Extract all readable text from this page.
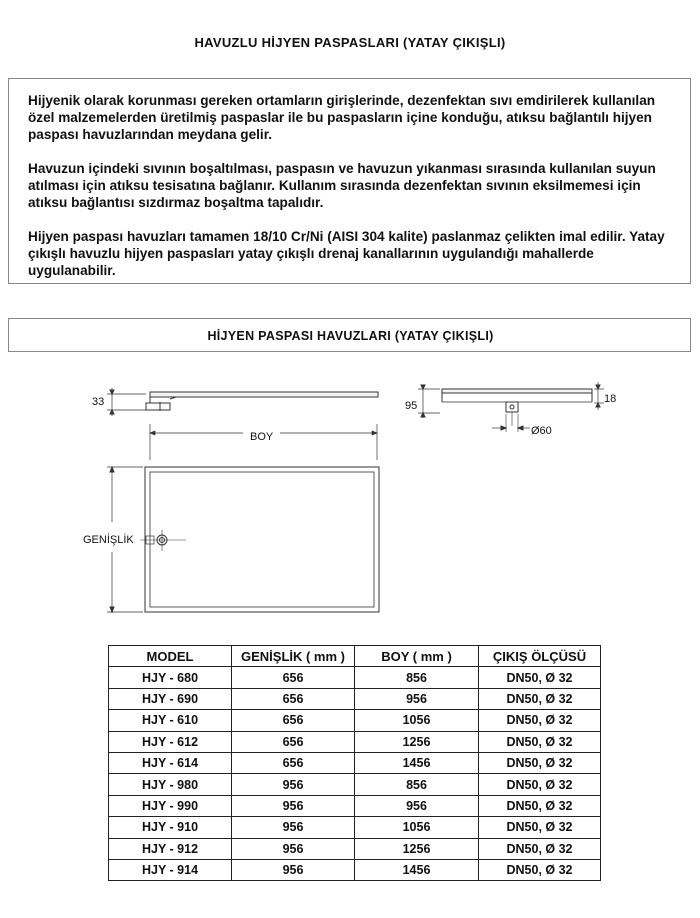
HAVUZLU HİJYEN PASPASLARI (YATAY ÇIKIŞLI)

Hijyenik olarak korunması gereken ortamların girişlerinde, dezenfektan sıvı emdirilerek kullanılan özel malzemelerden üretilmiş paspaslar ile bu paspasların içine konduğu, atıksu bağlantılı hijyen paspası havuzlarından meydana gelir.

Havuzun içindeki sıvının boşaltılması, paspasın ve havuzun yıkanması sırasında kullanılan suyun atılması için atıksu tesisatına bağlanır. Kullanım sırasında dezenfektan sıvının eksilmemesi için atıksu bağlantısı sızdırmaz boşaltma tapalıdır.

Hijyen paspası havuzları tamamen 18/10 Cr/Ni (AISI 304 kalite) paslanmaz çelikten imal edilir. Yatay çıkışlı havuzlu hijyen paspasları yatay çıkışlı drenaj kanallarının uygulandığı mahallerde uygulanabilir.

HİJYEN PASPASI HAVUZLARI (YATAY ÇIKIŞLI)
33
BOY
GENİŞLİK
95
18
Ø60
MODEL	GENİŞLİK ( mm )	BOY ( mm )	ÇIKIŞ ÖLÇÜSÜ
HJY - 680	656	856	DN50, Ø 32
HJY - 690	656	956	DN50, Ø 32
HJY - 610	656	1056	DN50, Ø 32
HJY - 612	656	1256	DN50, Ø 32
HJY - 614	656	1456	DN50, Ø 32
HJY - 980	956	856	DN50, Ø 32
HJY - 990	956	956	DN50, Ø 32
HJY - 910	956	1056	DN50, Ø 32
HJY - 912	956	1256	DN50, Ø 32
HJY - 914	956	1456	DN50, Ø 32
